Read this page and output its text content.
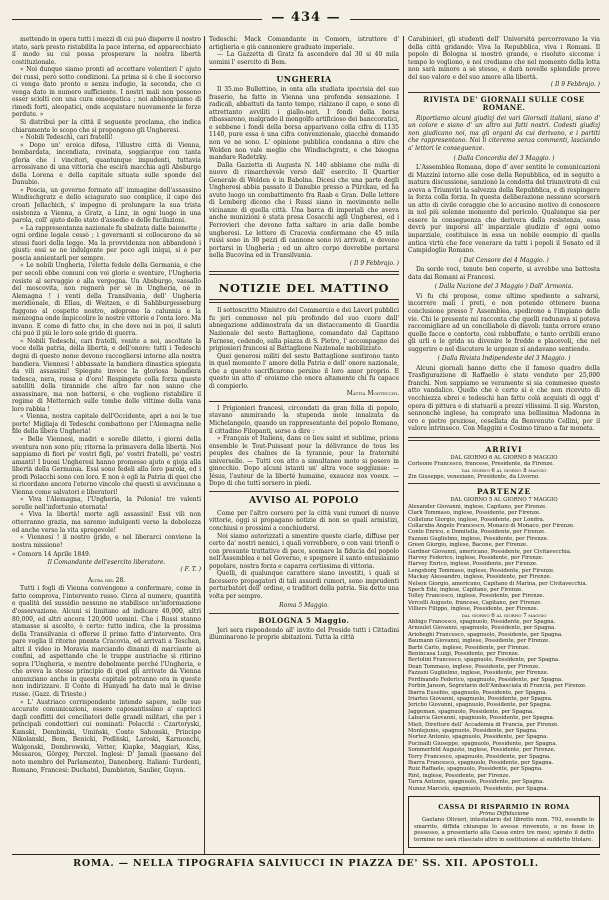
— 434 —

mettendo in opera tutti i mezzi di cui può disporre il nostro stato, sarà presto ristabilita la pace interna, ed apparecchiato il modo su cui possa prosperare la nostra libertà costituzionale.

« Noi dunque siamo pronti ad accettare volentieri l' ajuto dei russi, però sotto condizioni. La prima si è che il soccorso ci venga dato pronto e senza indugio, la seconda, che ci venga dato in numero sufficiente. I nostri mali non possono esser sciolti con una cura omeopatica ; noi abbisogniamo di rimedi forti, aleopatici, onde acquistare nuovamente le forze perdute. »

Si distribuì per la città il seguente proclama, che indica chiaramente lo scopo che si propongono gli Ungheresi.

« Nobili Tedeschi, cari fratelli!

« Dopo un' eroica difesa, l'illustre città di Vienna, bombardata, incendiata, rovinata, soggiacque con tanta gloria che i vincitori, quantunque impudenti, tuttavia arrossivano di una vittoria che escirà macchia agli Absburgo della Lorena e della capitale situata sulle sponde del Danubio.

« Poscia, un governo formato all' immagine dell'assassino Windischgratz e dello sciagurato suo complice, il capo dei croati Jellachich, s' impegno di prolungare la sua trista esistenza a Vienna, a Gratz, a Linz, in ogni luogo in una parola, coll' ajuto dello stato d'assedio e delle fucilazioni.

« La rappresentanza nazionale fu sbalzata dalle baionette ; ogni ordine legale cessò ; i governanti si collocarono da sè stessi fuori della legge. Ma la provvidenza non abbandonò i giusti: essi se ne indulgente per poco agli iniqui, si è per poscia annientarli per sempre.

« Le nobili Ungheria, l'eletta fedele della Germania, e che per secoli ebbe comuni con voi glorie e sventure, l'Ungheria resiste al servaggio e alla vergogna. Un Absburgo, vassallo del moscovita, non regnerà per sè in Ungheria, nè in Alemagna ! i venti della Transilvania, dell' Ungheria meridionale, di Ellau, di Weitzen, e di Sahliburgesseburg fuggono al cospetto nostro, adoprono la calunnia e la menzogna onde impiccolire le nostre vittorie e l'onta loro. Ma invano. E come di fatto che, in che dove noi in poi, il saluti chi può il più le loro sole grido di guerra.

« Nobili Tedeschi, cari fratelli, venite a noi, ascoltate la voce della patria, della libertà, e dell'onore: tutti i Tedeschi degni di questo nome devono raccogliersi intorno alla nostra bandiera. Viennesi ! abbassate la bandiera dinastica spiegata da vili assassini! Spiegate invece la gloriosa bandiera tedesca, nera, rossa e d'oro! Respingete colla forza queste satelliti della tirannide che altro far non sanno che assassinare, ma non battersi, e che vogliono ristabilire il regime di Metternich sulle tombe delle vittime della vana loro rabbia !

« Vienna, nostra capitale dell'Occidente, apri a noi le tue porte! Migliaja di Tedeschi combattono per l'Alemagna nelle file della libera Ungheria!

« Belle Viennesi, madri e sorelle diletto, i giorni della sventura non sono più; ritorna la primavera della libertà. Noi sappiamo di fiori pe' vostri figli, pe' vostri fratelli, pe' vostri amanti! I buoni Ungheresi hanno promesso ajuto e gioja alla libertà della Germania. Essi sono fedeli alla loro parola, ed i prodi Polacchi sono con loro. E non è egli la Patria di quei che si ricordano ancora l'eterno vincolo che questi si avvicinano a Vienna come salvatori e liberatori!

« Viva l'Alemagna, l'Ungheria, la Polonia! tre valenti sorelle nell'infortunio eternata!

« Viva la libertà! morte agli assassini! Essi vili non otterranno grazia, ma saremo indulgenti verso la debolezza ed anche verso la vita spregevole!

« Viennesi ! il nostro grido, e nel liberarci conviene la nostra missione!

« Comorn 14 Aprile 1849.

Il Comandante dell'esercito liberatore.

( F. T. )

Altra del 28.

Tutti i fogli di Vienna convengono a confermare, come in fatto comprova, l'intervento russo. Circa al numero, quantità e qualità del sussidio nessuno ne stabilisce un'informazione d'osservazione. Alcuni si limitano ad indicare 40,000, altri 80,000, ed altri ancora 120,000 uomini. Che i Russi stanno stamasse si ascolto, è certo: tutto indica, che la prossima della Transilvania ci offerse il primo fatto d'intervento. Ora pare voglia il ritorno pnenta Cracovia, ed arrivati a Teschen, altri il video in Moravia marciando dinanzi di marciante ai confini, ad aspettando che le truppe austriache si ritirino sopra l'Ungheria, e mentre debolmente perché l'Ungheria, e che aveva la stesso principio di quel gli arrivate da Vienna annunziano anche in questa capitale potranno ora in queste non indirizzare. Il Conte di Hunyadi ha dato mal le divise russe. (Gazz. di Trieste.)

« L' Austriaco corrispondente intende sapere, nelle sue accurate comunicazioni, essere caposantissimo a' capricci dagli conflitti dei conciliatori delle grandi militari, che per i principali condottieri cui nominati: Polacchi : Czartoryski, Kamski, Dembinski, Umiński, Conte Sahonski, Principe Nikolanski, Bem, Benicki, Podlński, Laroski, Karmonchi, Walgonski, Dombrowski, Vetter, Kiapke, Maggiari, Kiss, Messaros, Görgey, Perczel. Inglesi: D' Jamali (paesano del noto membro del Parlamento), Danenberg. Italiani: Turdenti, Romano, Francesi: Duchatel, Dambiston, Saulier, Guyon.

Tedeschi: Mack Comandante in Comorn, istruttore d' artiglieria e già cannoniere graduato imperiale.

— La Gazzetta di Gratz fa ascendere dal 30 si 40 mila uomini l' esercito di Bem.

UNGHERIA

Il 35.mo Bullettino, in onta alla studiata ipocrisia del suo fraserio, ha fatto in Vienna una profonda sensazione. I radicali, abbattuti da tanto tempo, rialzano il capo, e sono di attrettanto avviliti i giallo-neri. I fondi della borsa ribassarono, malgrado il mongolfo artificioso dei banccoratici, e sebbene i fondi della borsa apparivano colla cifra di 1135 1140, pure essa è una cifra convenzionale, giacchè domando non ve ne sono. L' opinione pubblica condanna a dire che Welden non vale meglio che Windischgratz, e che bisogna mandare Radetzky.

Dalla Gazzetta di Augusta N. 140 abbiamo che nulla di nuovo di rimarchevole versò dall' esercito. Il Quartier Generale di Welden è in Babolna. Dicesi che una parte degli Ungheresi abbia passato il Danubio presso a Pürckau, ed ha avuto luogo un combattimento fra Raab e Gran. Delle lettere di Lemberg dicono che i Russi siano in movimento nelle vicinanze di quella città. Una barca di imperiali che aveva anche munizioni è stata presa Cosacchi agli Ungheresi, ed i Ferrovieri che devono fatta saltare in aria dalle bombe ungheresi. Le lettere di Cracovia confermano che 45 mila russi sono in 30 pezzi di cannone sono ivi arrivati, e devono portarsi in Ungheria ; ed un altro corpo dovrebbe portarsi nella Bucovina ed in Transilvania.

( Il 9 Febbrajo. )

NOTIZIE DEL MATTINO

Il sottoscritto Ministro del Commercio e dei Lavori pubblici fu jeri commosso nel più profondo del suo cuore dall' abnegazione addimostrata da un distaccamento di Guardia Nazionale del sesto Battaglione, comandato dal Capitano Farnese, cedendo, sulla piazza di S. Pietro, l' accompagno dei prigionieri francesi al Battaglione Nazionale mobilizzato.

Quei generosi militi del sesto Battaglione sentirono tanto in quel momento l' amore della Patria e dell' onore nazionale, che a questo sacrificarono persino il loro amor proprio. E questo un atto d' eroismo che onora altamente chi fu capace di compierlo.

Mattia Montecchi.

I Prigionieri francesi, circondati da gran folla di popolo, stavano ammirando la stupenda mole innalzata da Michelangelo, quando un rappresentante del popolo Romano, il cittadino Filopanti, sorse a dire :

» Français et Italiens, dans ce lieu saint et sublime, prions ensemble le Tout-Puissant pour la délivrance de tous les peuples des chaînes de la tyrannie, pour la fraternité universelle. — Tutti con atto a simultaneo moto si posero in ginocchio. Dopo alcuni istanti un' altra voce soggiunse: — Jésus, l'auteur de la liberté humaine, exaucez nos voeux. — Dopo di che tutti sorsero in piedi.

AVVISO AL POPOLO

Come per l'altro corsero per la città vani rumori di nuove vittorie, oggi si propagano notizie di non so quali armistizi, conchiusi o prossimi a conchiudersi.

Noi siamo autorizzati a smentire queste ciarle, diffuse per certo da' nostri nemici, i quali vorrebbero, o con vani trionfi o con presunte trattative di pace, scemare la fiducia del popolo nell'Assemblea e nel Governo, e spegnere il santo entusiasmo popolare, nostra forza e caparra certissima di vittoria.

Quelli, di qualunque carattere siano investiti, i quali si facessero propagatori di tali assurdi rumori, sono imprudenti perturbatori dell' ordine, e traditori della patria. Sia detto una volta per sempre.

Roma 5 Maggio.

BOLOGNA 5 Maggio.

Jeri sera rispondendo all' invito del Preside tutti i Cittadini illuminarono le proprie abitazioni. Tutta la città

Carabinieri, gli studenti dell' Università percorrevano la via della città gridando: Viva la Repubblica, viva i Romani. Il popolo di Bologna si mostrò grande, e risoluto siccome i tempo lo vogliono, e noi crediamo che nel momento della lotta non sarà minore a sè stesso, e darà novelle splendide prove del suo valore e del suo amore alla libertà.

( Il 9 Febbrajo. )

RIVISTA DE' GIORNALI SULLE COSE ROMANE.

Riportiamo alcuni giudizj dei vari Giornali italiani, siano d' un colore e siano d' un altro sui fatti nostri. Codesti giudizj non giudicano noi, ma gli organi da cui derivano, e i partiti che rappresentano. Noi li citeremo senza commenti, lasciando a' lettori le conseguenze.

( Dalla Concordia del 3 Maggio. )

L'Assemblea Romana, dopo d' aver sentite le comunicazioni di Mazzini intorno alle cose della Repubblica, ed in seguito a matura discussione, sanzionò la condotta del triumvirato di cui aveva a Triumviri la salvezza della Repubblica, e di respingere la forza colla forza. In questa deliberazione nessuno scorserà un atto di civile coraggio che lo accusino motivo di conoscere in nol più solenne momento del pericolo. Qualunque sia per essere la conseguenza che derivera dalla resistenza, essa devrà pur imporsi all' imparziale giudizio d' ogni uomo imparziale, costituisce in essa un nobile esempio di quella antica virtù che fece venerare da tutti i popoli il Senato ed il Campidoglio Romano.

( Dal Censore dei 4 Maggio. )

Da sorde voci, tenute ben coperte, si avrebbe una battosta data dai Romani ai Francesi.

( Dalla Nazione del 3 Maggio ) Dall' Armonia.

Vi fu chi propose, come ultimo spediente a salvarsi, incorrere mali i preti, e non potendo ottenere buona conclusione presso l' Assemblea, spedirono a l'impiano delle vie. Chi le presente mi racconta che quelli radunava si poteva raccomigliare ad un conciliabolo di diavoli: tanta orrore erano quelle facce e contorte, così rabbuffate, e tanto orribili erano gli urli e le grida su divenire le fredde e placevoli, che nel suggerire e nel discutere le urgenze si andavano sentiendo.

( Dalla Rivista Indipendente del 3 Maggio. )

Alcuni giornali hanno detto che il famoso quadro della Trasfigurazione di Raffaello è stato venduto per 25,000 franchi. Non sappiamo se veramente si sia commesso questo atto vandalico. Quello che è certo si è che non ricevuto di vecchiezza ebrei e tedeschi han fatto colà acquisti di oggi d' opera di pittura e di statuarii a prezzi vilissimi. Il sig. Warston, sennonchè inglese, ha comprato una bellissima Madonna in oro e pietre preziose, cesellata da Benvenuto Cellini, per il valore intrinseco. Con Maggini e Cosimo tirano a far moneta.

ARRIVI

DAL GIORNO 6 AL GIORNO 8 MAGGIO

Corleone Francesco, francese, Presidente, da Firenze.

dal giorno 6 al giorno 8 maggio

Zin Giuseppe, veneziano, Presidente, da Livorno.

PARTENZE

DAL GIORNO 5 AL GIORNO 7 MAGGIO

Alexander Giovanni, inglese, Capitano, per Firenze.

Clark Tommaso, inglese, Possidente, per Firenze.

Collelunz Giorgio, inglese, Possidente, per Londra.

Collaruba Angelo Francesco, Monaco di Monaco, per Firenze.

Conte Enrico, e Domitella, Possidente, per Firenze.

Fazzani Guglielmo, inglese, Possidente, per Firenze.

Green Giorgio, inglese, Bacone, per Firenze.

Gardner Giovanni, americano, Possidente, per Civitavecchia.

Harvey Federico, inglese, Possidente, per Firenze.

Harvey Enrico, inglese, Possidente, per Firenze.

Lengsborg Tommaso, inglese, Possidente, per Firenze.

Mackay Alessandro, inglese, Possidente, per Firenze.

Nelson Giorgio, americano, Capitano di Marina, per Civitavecchia.

Spech Ede, inglese, Capitano, per Firenze.

Tolley Francesco, inglese, Possidente, per Firenze.

Vercelli Augusto, francese, Capitano, per Firenze.

Villiers Filippo, inglese, Possidente, per Firenze.

dal giorno 6 al giorno 7 maggio

Abbigo Francesco, spagnuolo, Possidente, per Spagna.

Arnoulet Giovanni, spagnuolo, Possidente, per Spagna.

Ariobeghi Francesco, spagnuolo, Possidente, per Spagna.

Baumann Giovanni, inglese, Possidente, per Firenze.

Barbi Carlo, inglese, Possidente, per Firenze.

Benincasa Luigi, Possidente, per Firenze.

Bertolini Francesco, spagnuolo, Possidente, per Spagna.

Dean Tommaso, inglese, Possidente, per Firenze.

Fazzani Guglielmo, inglese, Possidente, per Firenze.

Ferdinando Federico, spagnuolo, Possidente, per Spagna.

Forbin Janson, Segretario dell'Ambasciata di Francia, per Firenze.

Ibarra Eusebio, spagnuolo, Possidente, per Spagna.

Iriartes Giovanni, spagnuolo, Possidente, per Spagna.

Jericho Giovanni, spagnuolo, Possidente, per Spagna.

Jaggeman, spagnuolo, Possidente, per Spagna.

Labarca Giovanni, spagnuolo, Possidente, per Spagna.

Mieli, Direttore dell' Accademia di Francia, per Firenze.

Montejunio, spagnuolo, Possidente, per Spagna.

Nortez Antonio, spagnuolo, Possidente, per Spagna.

Pucinalli Giuseppe, spagnuolo, Possidente, per Spagna.

Sommerfeld Augusto, inglese, Possidente, per Firenze.

Terry Francesco, spagnuolo, Possidente, per Spagna.

Ibarra Francesco, spagnuolo, Possidente, per Spagna.

Ruiz Raffaele, spagnuolo, Possidente, per Spagna.

Rint, inglese, Possidente, per Firenze.

Tarra Antonio, spagnuolo, Possidente, per Spagna.

Nunez Marcelo, spagnuolo, Possidente, per Spagna.

CASSA DI RISPARMIO IN ROMA

Prima Diffidazione

Gaetano Olivieri, intestatario del libretto num. 793, essendo lo smarrito, diffida chiunque lo avesse rinvenuto, o ne fosse in possesso, a presentarlo alla Cassa entro tre mesi; spirato il detto termine ne sarà rilasciato altro in sostituzione al suddetto titolare.

ROMA. — NELLA TIPOGRAFIA SALVIUCCI IN PIAZZA DE' SS. XII. APOSTOLI.
